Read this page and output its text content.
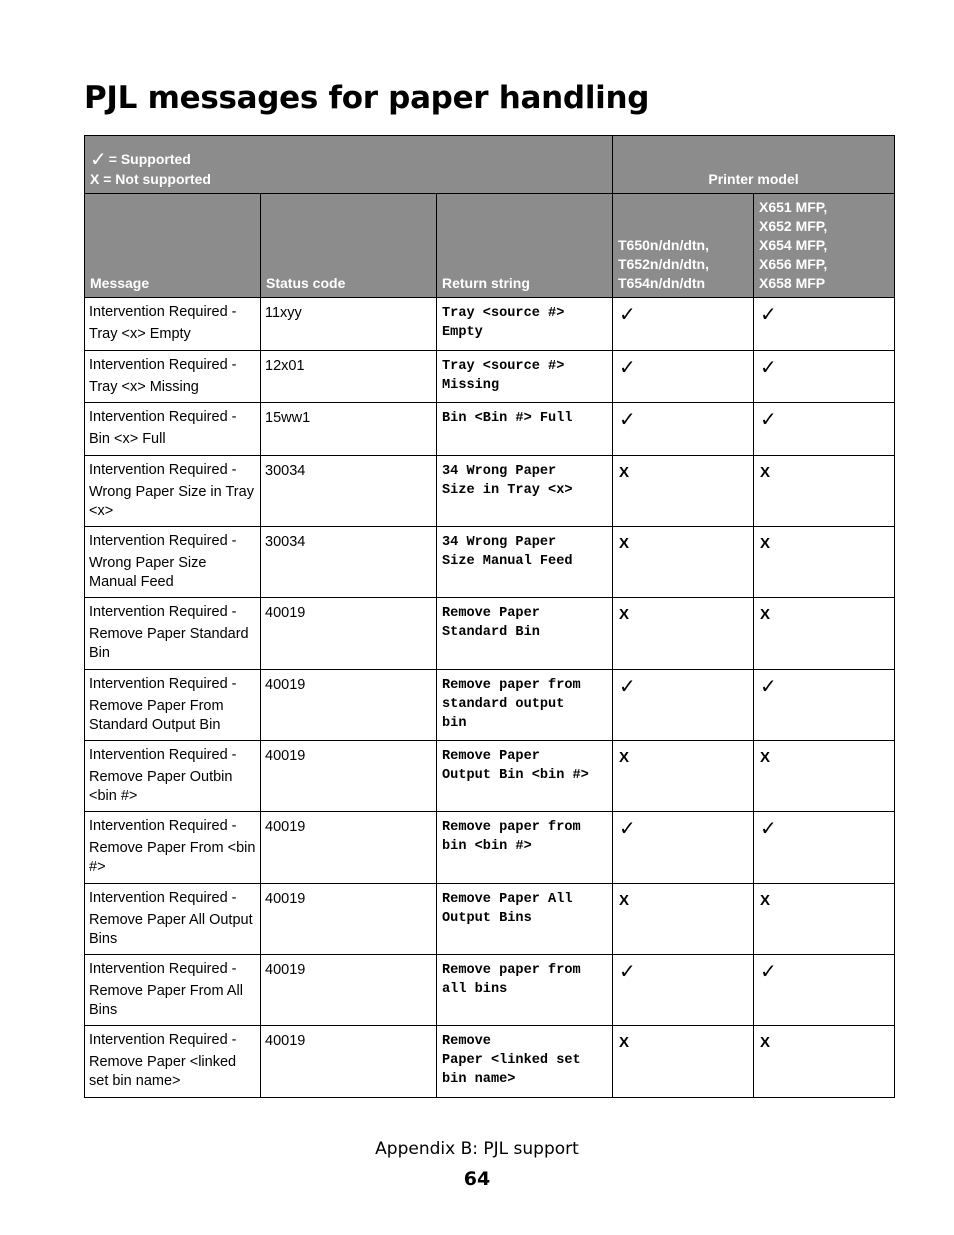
PJL messages for paper handling
✓ = Supported
X = Not supported			Printer model	
Message	Status code	Return string	T650n/dn/dtn,
T652n/dn/dtn,
T654n/dn/dtn	X651 MFP,
X652 MFP,
X654 MFP,
X656 MFP,
X658 MFP

Intervention Required -
Tray <x> Empty	11xyy	Tray <source #>
Empty	✓	✓

Intervention Required -
Tray <x> Missing	12x01	Tray <source #>
Missing	✓	✓

Intervention Required -
Bin <x> Full	15ww1	Bin <Bin #> Full	✓	✓

Intervention Required -
Wrong Paper Size in Tray <x>	30034	34 Wrong Paper
Size in Tray <x>	X	X

Intervention Required -
Wrong Paper Size Manual Feed	30034	34 Wrong Paper
Size Manual Feed	X	X

Intervention Required -
Remove Paper Standard Bin	40019	Remove Paper
Standard Bin	X	X

Intervention Required -
Remove Paper From Standard Output Bin	40019	Remove paper from
standard output
bin	✓	✓

Intervention Required -
Remove Paper Outbin <bin #>	40019	Remove Paper
Output Bin <bin #>	X	X

Intervention Required -
Remove Paper From <bin #>	40019	Remove paper from
bin <bin #>	✓	✓

Intervention Required -
Remove Paper All Output Bins	40019	Remove Paper All
Output Bins	X	X

Intervention Required -
Remove Paper From All Bins	40019	Remove paper from
all bins	✓	✓

Intervention Required -
Remove Paper <linked set bin name>	40019	Remove
Paper <linked set
bin name>	X	X
Appendix B: PJL support
64
